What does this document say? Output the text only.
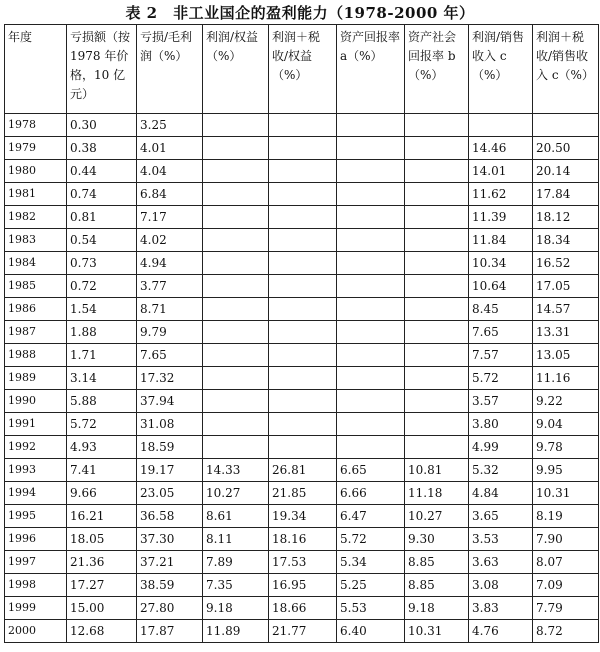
表 2　非工业国企的盈利能力（1978-2000 年）
年度	亏损额（按 1978 年价格，10 亿元）	亏损/毛利润（%）	利润/权益（%）	利润＋税收/权益（%）	资产回报率 a（%）	资产社会回报率 b（%）	利润/销售收入 c（%）	利润＋税收/销售收入 c（%）
1978	0.30	3.25						
1979	0.38	4.01					14.46	20.50
1980	0.44	4.04					14.01	20.14
1981	0.74	6.84					11.62	17.84
1982	0.81	7.17					11.39	18.12
1983	0.54	4.02					11.84	18.34
1984	0.73	4.94					10.34	16.52
1985	0.72	3.77					10.64	17.05
1986	1.54	8.71					8.45	14.57
1987	1.88	9.79					7.65	13.31
1988	1.71	7.65					7.57	13.05
1989	3.14	17.32					5.72	11.16
1990	5.88	37.94					3.57	9.22
1991	5.72	31.08					3.80	9.04
1992	4.93	18.59					4.99	9.78
1993	7.41	19.17	14.33	26.81	6.65	10.81	5.32	9.95
1994	9.66	23.05	10.27	21.85	6.66	11.18	4.84	10.31
1995	16.21	36.58	8.61	19.34	6.47	10.27	3.65	8.19
1996	18.05	37.30	8.11	18.16	5.72	9.30	3.53	7.90
1997	21.36	37.21	7.89	17.53	5.34	8.85	3.63	8.07
1998	17.27	38.59	7.35	16.95	5.25	8.85	3.08	7.09
1999	15.00	27.80	9.18	18.66	5.53	9.18	3.83	7.79
2000	12.68	17.87	11.89	21.77	6.40	10.31	4.76	8.72
